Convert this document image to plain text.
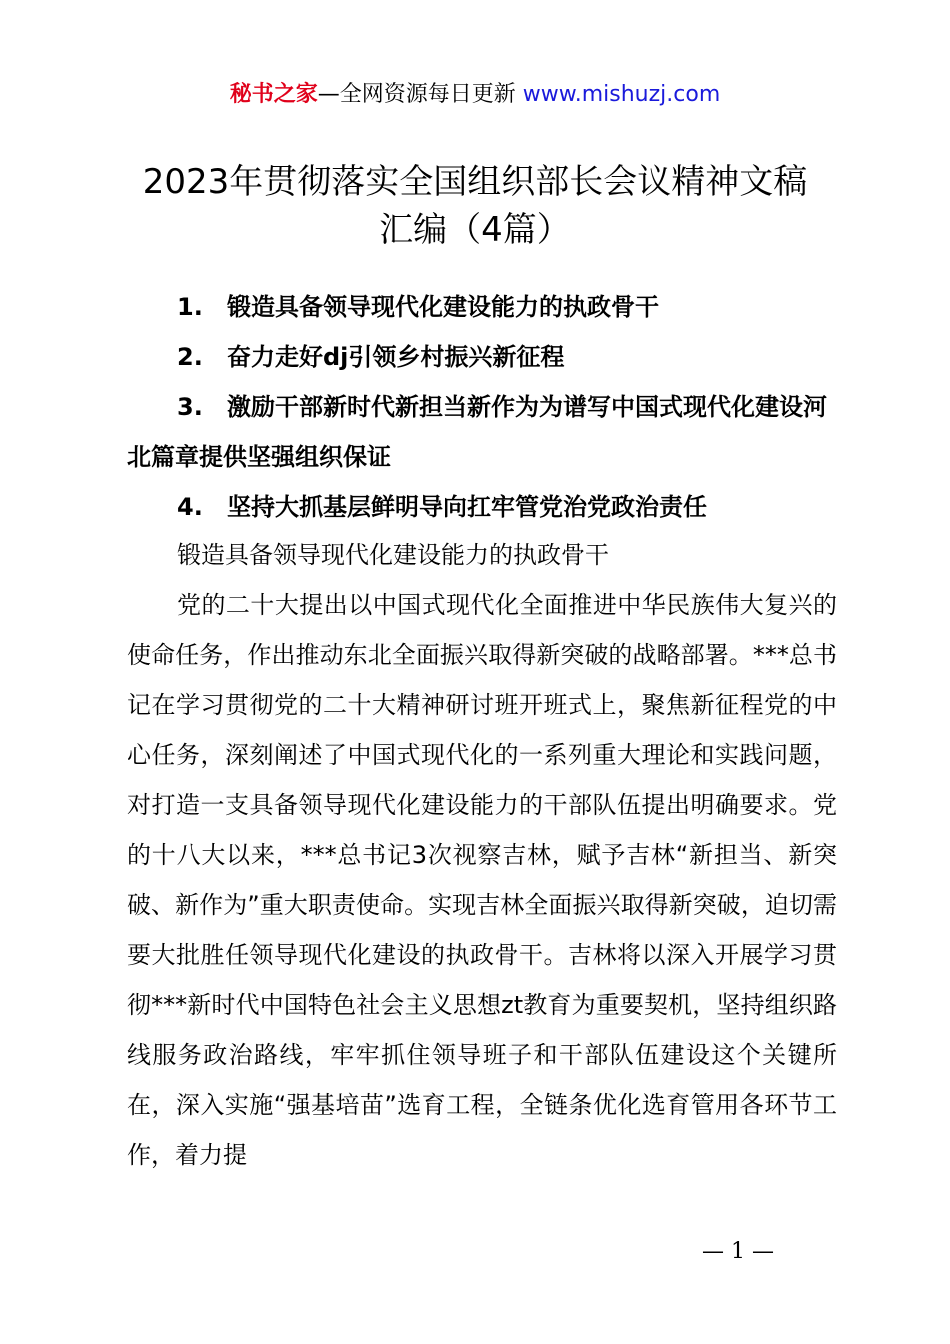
秘书之家—全网资源每日更新 www.mishuzj.com
2023年贯彻落实全国组织部长会议精神文稿
汇编（4篇）
1. 锻造具备领导现代化建设能力的执政骨干
2. 奋力走好dj引领乡村振兴新征程
3. 激励干部新时代新担当新作为为谱写中国式现代化建设河北篇章提供坚强组织保证
4. 坚持大抓基层鲜明导向扛牢管党治党政治责任

锻造具备领导现代化建设能力的执政骨干

党的二十大提出以中国式现代化全面推进中华民族伟大复兴的使命任务，作出推动东北全面振兴取得新突破的战略部署。***总书记在学习贯彻党的二十大精神研讨班开班式上，聚焦新征程党的中心任务，深刻阐述了中国式现代化的一系列重大理论和实践问题，对打造一支具备领导现代化建设能力的干部队伍提出明确要求。党的十八大以来，***总书记3次视察吉林，赋予吉林“新担当、新突破、新作为”重大职责使命。实现吉林全面振兴取得新突破，迫切需要大批胜任领导现代化建设的执政骨干。吉林将以深入开展学习贯彻***新时代中国特色社会主义思想zt教育为重要契机，坚持组织路线服务政治路线，牢牢抓住领导班子和干部队伍建设这个关键所在，深入实施“强基培苗”选育工程，全链条优化选育管用各环节工作，着力提

— 1 —
